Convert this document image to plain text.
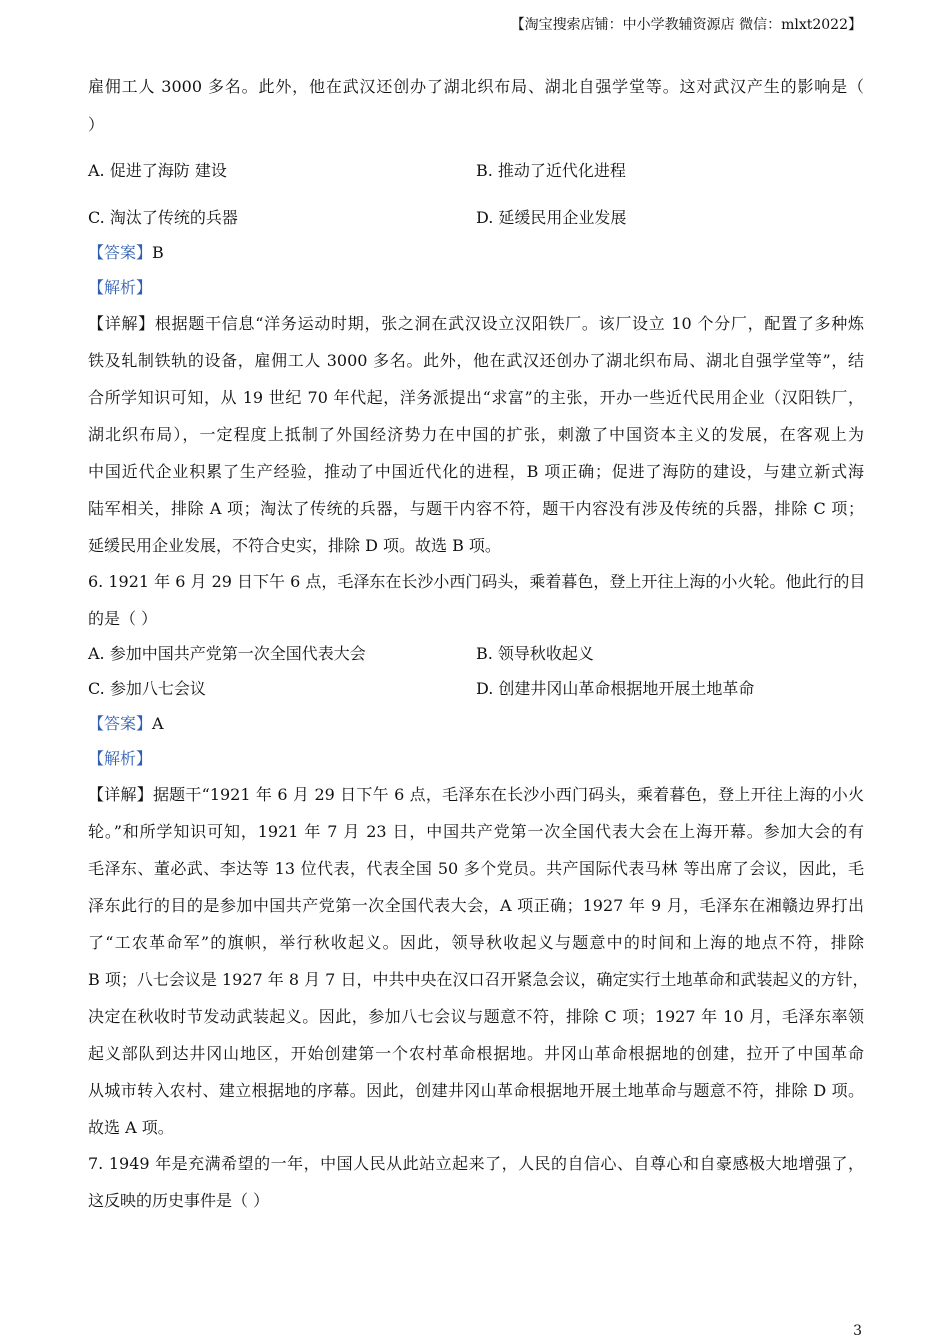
【淘宝搜索店铺：中小学教辅资源店 微信：mlxt2022】
雇佣工人 3000 多名。此外，他在武汉还创办了湖北织布局、湖北自强学堂等。这对武汉产生的影响是（
）
A. 促进了海防 建设	B. 推动了近代化进程
C. 淘汰了传统的兵器	D. 延缓民用企业发展
【答案】B
【解析】
【详解】根据题干信息“洋务运动时期，张之洞在武汉设立汉阳铁厂。该厂设立 10 个分厂，配置了多种炼
铁及轧制铁轨的设备，雇佣工人 3000 多名。此外，他在武汉还创办了湖北织布局、湖北自强学堂等”，结
合所学知识可知，从 19 世纪 70 年代起，洋务派提出“求富”的主张，开办一些近代民用企业（汉阳铁厂，
湖北织布局），一定程度上抵制了外国经济势力在中国的扩张，刺激了中国资本主义的发展，在客观上为
中国近代企业积累了生产经验，推动了中国近代化的进程，B 项正确；促进了海防的建设，与建立新式海
陆军相关，排除 A 项；淘汰了传统的兵器，与题干内容不符，题干内容没有涉及传统的兵器，排除 C 项；
延缓民用企业发展，不符合史实，排除 D 项。故选 B 项。
6. 1921 年 6 月 29 日下午 6 点，毛泽东在长沙小西门码头，乘着暮色，登上开往上海的小火轮。他此行的目
的是（ ）
A. 参加中国共产党第一次全国代表大会	B. 领导秋收起义
C. 参加八七会议	D. 创建井冈山革命根据地开展土地革命
【答案】A
【解析】
【详解】据题干“1921 年 6 月 29 日下午 6 点，毛泽东在长沙小西门码头，乘着暮色，登上开往上海的小火
轮。”和所学知识可知，1921 年 7 月 23 日，中国共产党第一次全国代表大会在上海开幕。参加大会的有
毛泽东、董必武、李达等 13 位代表，代表全国 50 多个党员。共产国际代表马林 等出席了会议，因此，毛
泽东此行的目的是参加中国共产党第一次全国代表大会，A 项正确；1927 年 9 月，毛泽东在湘赣边界打出
了“工农革命军”的旗帜，举行秋收起义。因此，领导秋收起义与题意中的时间和上海的地点不符，排除
B 项；八七会议是 1927 年 8 月 7 日，中共中央在汉口召开紧急会议，确定实行土地革命和武装起义的方针，
决定在秋收时节发动武装起义。因此，参加八七会议与题意不符，排除 C 项；1927 年 10 月，毛泽东率领
起义部队到达井冈山地区，开始创建第一个农村革命根据地。井冈山革命根据地的创建，拉开了中国革命
从城市转入农村、建立根据地的序幕。因此，创建井冈山革命根据地开展土地革命与题意不符，排除 D 项。
故选 A 项。
7. 1949 年是充满希望的一年，中国人民从此站立起来了，人民的自信心、自尊心和自豪感极大地增强了，
这反映的历史事件是（ ）
3
